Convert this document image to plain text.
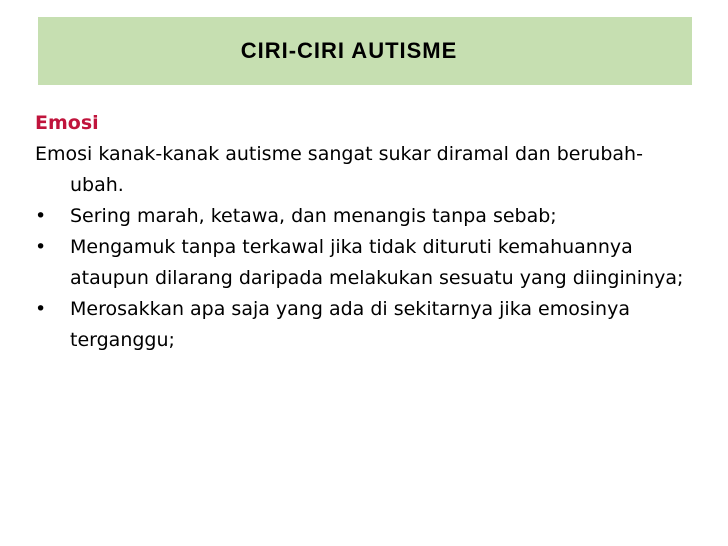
CIRI-CIRI AUTISME
Emosi
Emosi kanak-kanak autisme sangat sukar diramal dan berubah-ubah.
•	Sering marah, ketawa, dan menangis tanpa sebab;
•	Mengamuk tanpa terkawal jika tidak dituruti kemahuannya ataupun dilarang daripada melakukan sesuatu yang diingininya;
•	Merosakkan apa saja yang ada di sekitarnya jika emosinya terganggu;
